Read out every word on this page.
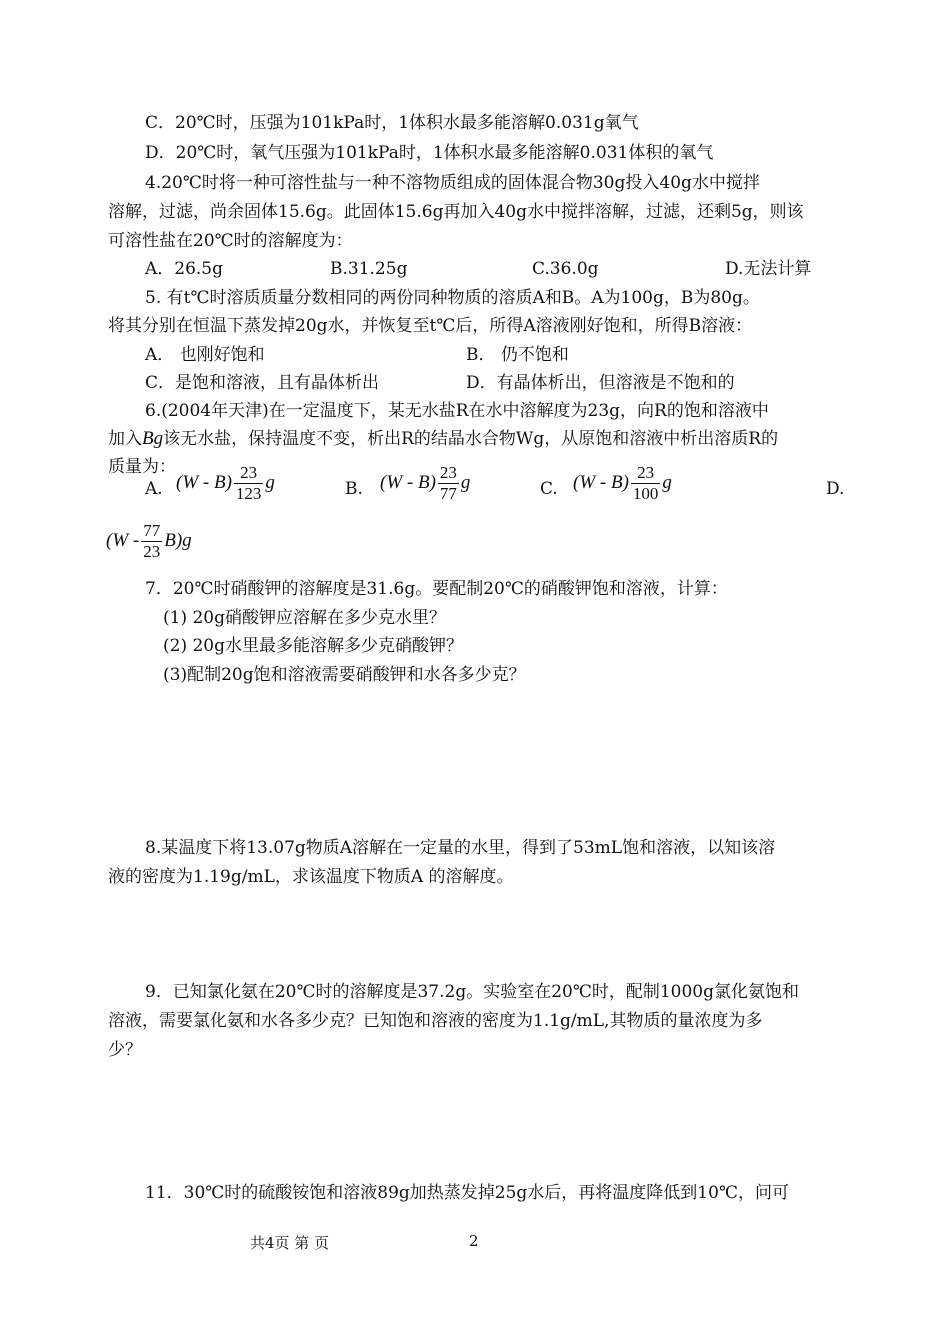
C．20℃时，压强为101kPa时，1体积水最多能溶解0.031g氧气
D．20℃时，氧气压强为101kPa时，1体积水最多能溶解0.031体积的氧气
4.20℃时将一种可溶性盐与一种不溶物质组成的固体混合物30g投入40g水中搅拌
溶解，过滤，尚余固体15.6g。此固体15.6g再加入40g水中搅拌溶解，过滤，还剩5g，则该
可溶性盐在20℃时的溶解度为：
A．26.5g	B.31.25g	C.36.0g	D.无法计算
5. 有t℃时溶质质量分数相同的两份同种物质的溶质A和B。A为100g，B为80g。
将其分别在恒温下蒸发掉20g水，并恢复至t℃后，所得A溶液刚好饱和，所得B溶液：
A． 也刚好饱和	B． 仍不饱和
C．是饱和溶液，且有晶体析出	D．有晶体析出，但溶液是不饱和的
6.(2004年天津)在一定温度下，某无水盐R在水中溶解度为23g，向R的饱和溶液中
加入Bg该无水盐，保持温度不变，析出R的结晶水合物Wg，从原饱和溶液中析出溶质R的
质量为：
A. $(W - B) \frac{23}{123}$ g	B. $(W - B) \frac{23}{77}$ g	C. $(W - B) \frac{23}{100}$ g	D.
$(W - \frac{77}{23} B)g$
7．20℃时硝酸钾的溶解度是31.6g。要配制20℃的硝酸钾饱和溶液，计算：
(1) 20g硝酸钾应溶解在多少克水里？
(2) 20g水里最多能溶解多少克硝酸钾？
(3)配制20g饱和溶液需要硝酸钾和水各多少克？
8.某温度下将13.07g物质A溶解在一定量的水里，得到了53mL饱和溶液，以知该溶
液的密度为1.19g/mL，求该温度下物质A 的溶解度。
9．已知氯化氨在20℃时的溶解度是37.2g。实验室在20℃时，配制1000g氯化氨饱和
溶液，需要氯化氨和水各多少克？已知饱和溶液的密度为1.1g/mL,其物质的量浓度为多
少？
11．30℃时的硫酸铵饱和溶液89g加热蒸发掉25g水后，再将温度降低到10℃，问可
共4页 第 页	2
